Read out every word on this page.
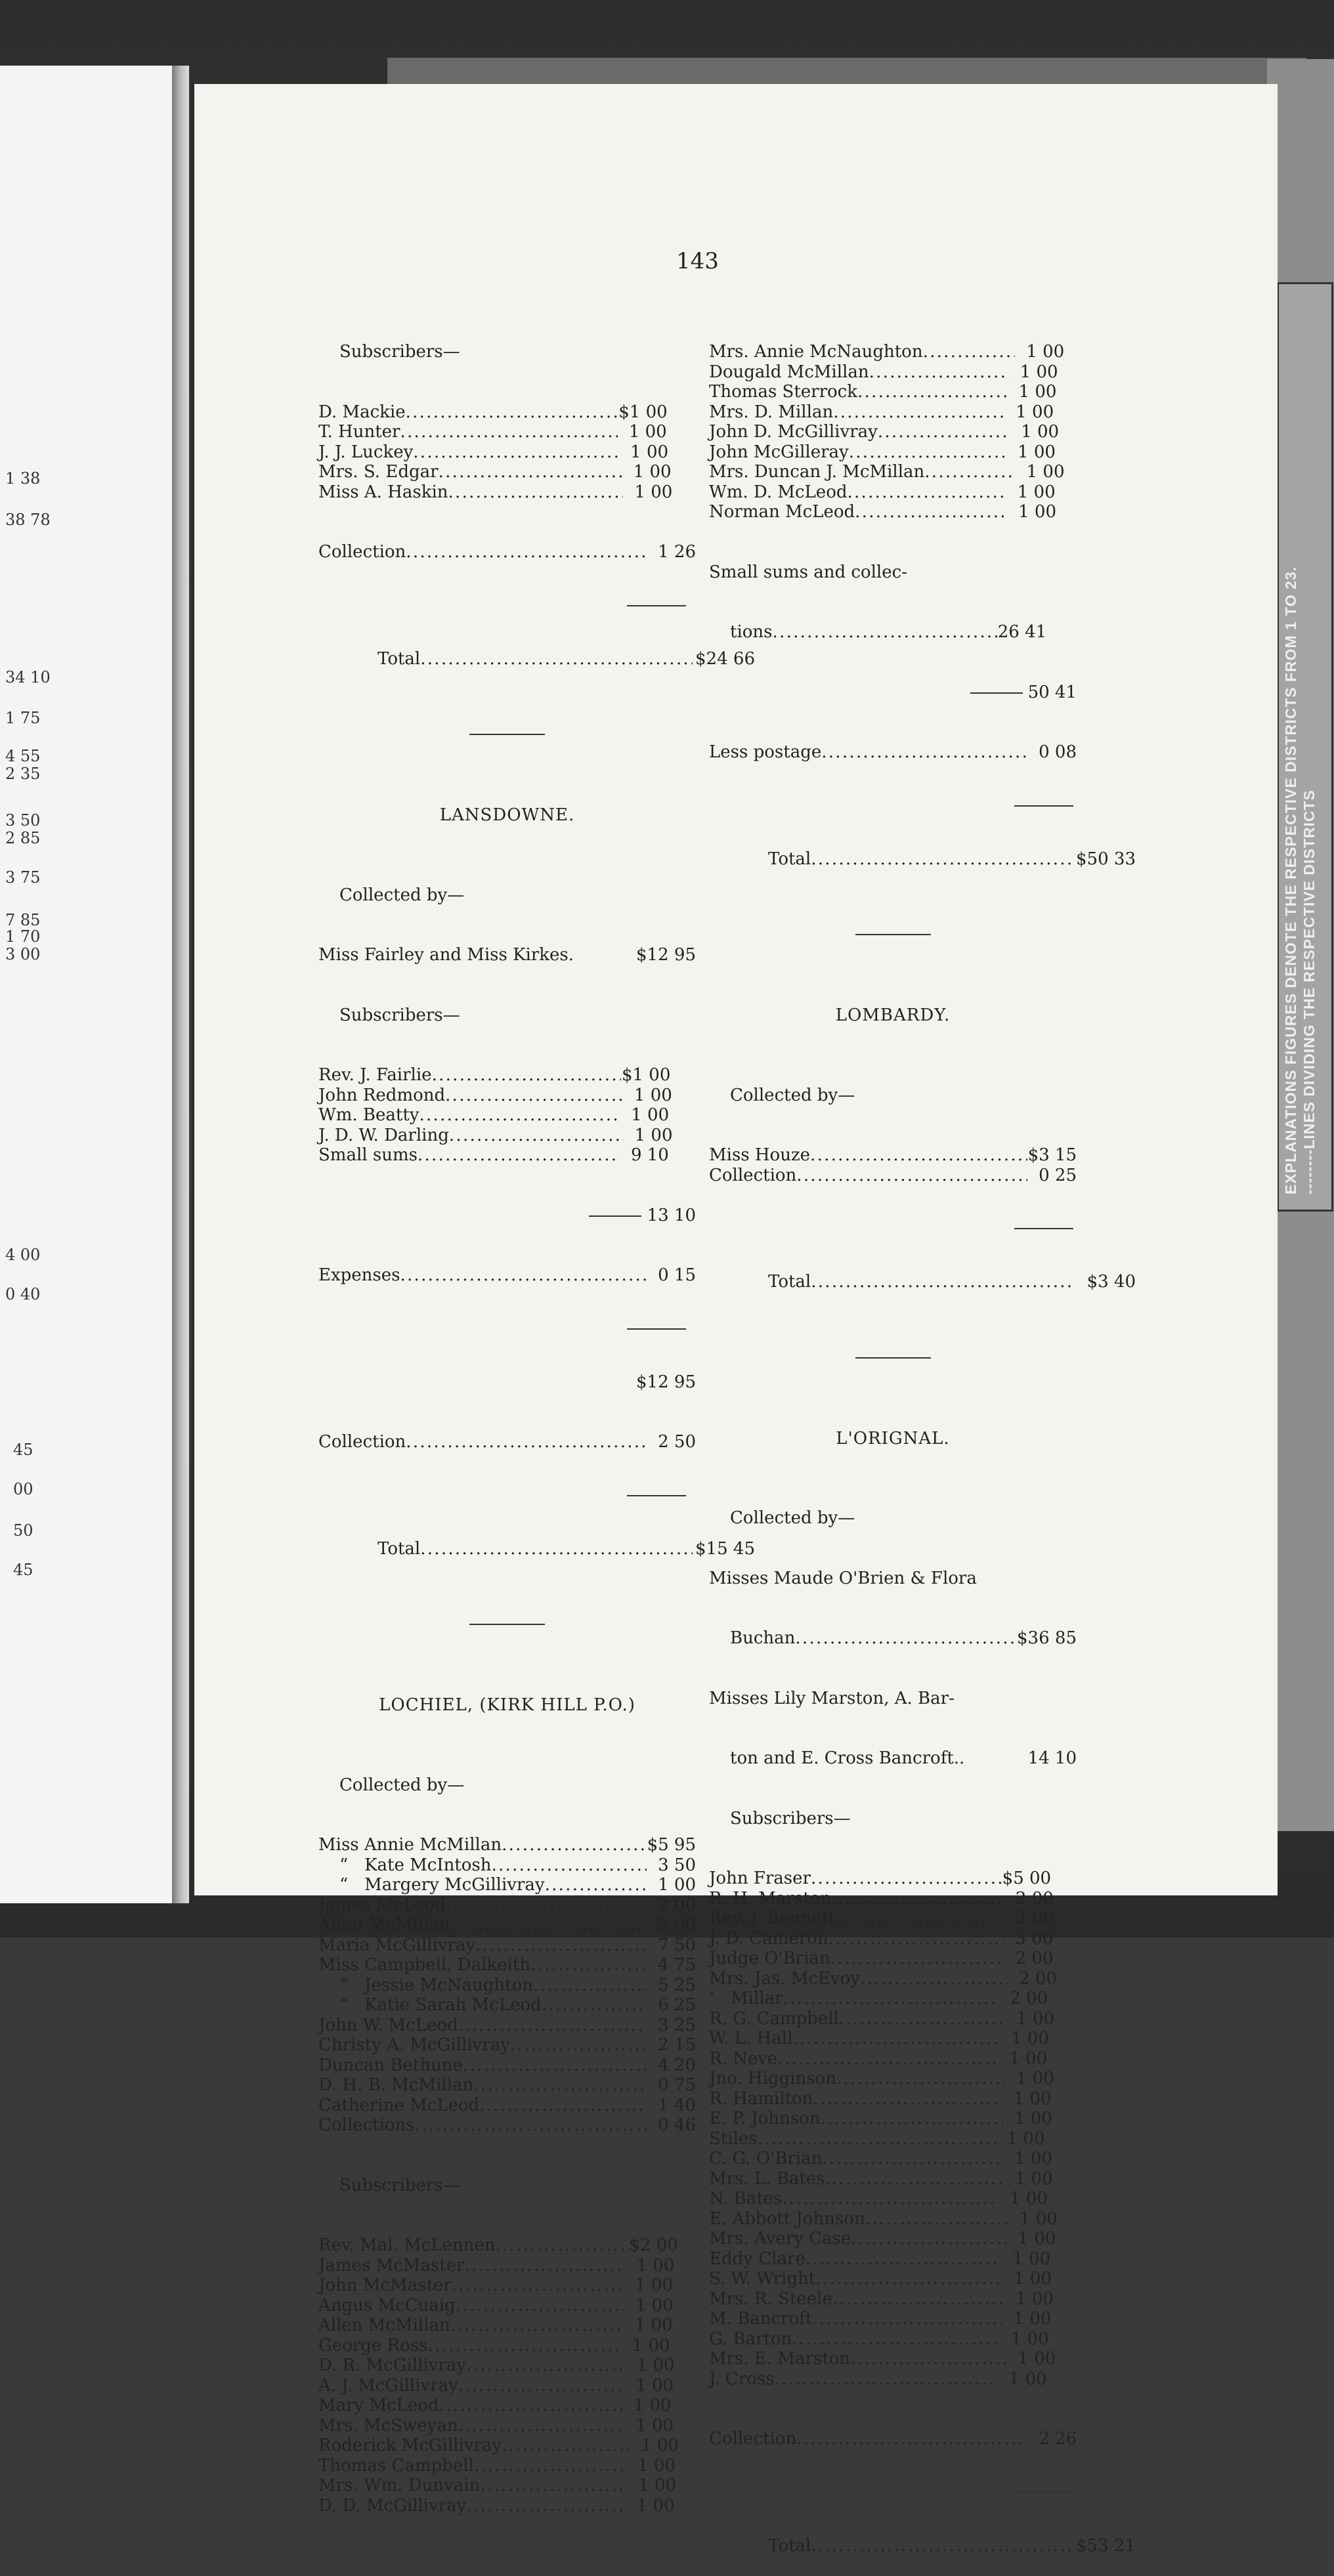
1 38
38 78
34 10
1 75
4 55
2 35
3 50
2 85
3 75
7 85
1 70
3 00
4 00
0 40
45
00
50
45
EXPLANATIONS FIGURES DENOTE THE RESPECTIVE DISTRICTS FROM 1 TO 23. --------LINES DIVIDING THE RESPECTIVE DISTRICTS
143

Subscribers—

D. Mackie . . .	$1 00
T. Hunter . . .	1 00
J. J. Luckey . . .	1 00
Mrs. S. Edgar . . .	1 00
Miss A. Haskin . . .	1 00

Collection . . .	1 26

Total . . .	$24 66

LANSDOWNE.

Collected by—

Miss Fairley and Miss Kirkes.	$12 95

Subscribers—

Rev. J. Fairlie . . .	$1 00
John Redmond . . .	1 00
Wm. Beatty . . .	1 00
J. D. W. Darling . . .	1 00
Small sums . . .	9 10

13 10

Expenses . . .	0 15

$12 95

Collection . . .	2 50

Total . . .	$15 45

LOCHIEL, (KIRK HILL P.O.)

Collected by—

Miss Annie McMillan . . .	$5 95
“   Kate McIntosh . . .	3 50
“   Margery McGillivray . . .	1 00
James McLeod . . .	2 00
Allen McMillan . . .	2 00
Maria McGillivray . . .	7 50
Miss Campbell, Dalkeith . . .	4 75
“   Jessie McNaughton . . .	5 25
“   Katie Sarah McLeod . . .	6 25
John W. McLeod . . .	3 25
Christy A. McGillivray . . .	2 15
Duncan Bethune . . .	4 20
D. H. B. McMillan . . .	0 75
Catherine McLeod . . .	1 40
Collections . . .	0 46

Subscribers—

Rev. Mal. McLennen . . .	$2 00
James McMaster . . .	1 00
John McMaster . . .	1 00
Angus McCuaig . . .	1 00
Allen McMillan . . .	1 00
George Ross . . .	1 00
D. R. McGillivray . . .	1 00
A. J. McGillivray . . .	1 00
Mary McLeod . . .	1 00
Mrs. McSweyan . . .	1 00
Roderick McGillivray . . .	1 00
Thomas Campbell . . .	1 00
Mrs. Wm. Dunvain . . .	1 00
D. D. McGillivray . . .	1 00

Mrs. Annie McNaughton . . .	1 00
Dougald McMillan . . .	1 00
Thomas Sterrock . . .	1 00
Mrs. D. Millan . . .	1 00
John D. McGillivray . . .	1 00
John McGilleray . . .	1 00
Mrs. Duncan J. McMillan . . .	1 00
Wm. D. McLeod . . .	1 00
Norman McLeod . . .	1 00

Small sums and collec-

tions . . .	26 41

50 41

Less postage . . .	0 08

Total . . .	$50 33

LOMBARDY.

Collected by—

Miss Houze . . .	$3 15
Collection . . .	0 25

Total . . .	$3 40

L'ORIGNAL.

Collected by—

Misses Maude O'Brien & Flora

Buchan . . .	$36 85

Misses Lily Marston, A. Bar-

ton and E. Cross Bancroft..	14 10

Subscribers—

John Fraser . . .	$5 00
R. H. Marston . . .	2 00
Rev. J. Bennett . . .	2 00
J. D. Cameron . . .	3 00
Judge O'Brian . . .	2 00
Mrs. Jas. McEvoy . . .	2 00
‘   Millar . . .	2 00
R. G. Campbell . . .	1 00
W. L. Hall . . .	1 00
R. Neve . . .	1 00
Jno. Higginson . . .	1 00
R. Hamilton . . .	1 00
E. P. Johnson . . .	1 00
Stiles . . .	1 00
C. G. O'Brian . . .	1 00
Mrs. L. Bates . . .	1 00
N. Bates . . .	1 00
E. Abbott Johnson . . .	1 00
Mrs. Avery Case . . .	1 00
Eddy Clare . . .	1 00
S. W. Wright . . .	1 00
Mrs. R. Steele . . .	1 00
M. Bancroft . . .	1 00
G. Barton . . .	1 00
Mrs. E. Marston . . .	1 00
J. Cross . . .	1 00

Collection . . .	2 26

Total . . .	$53 21
